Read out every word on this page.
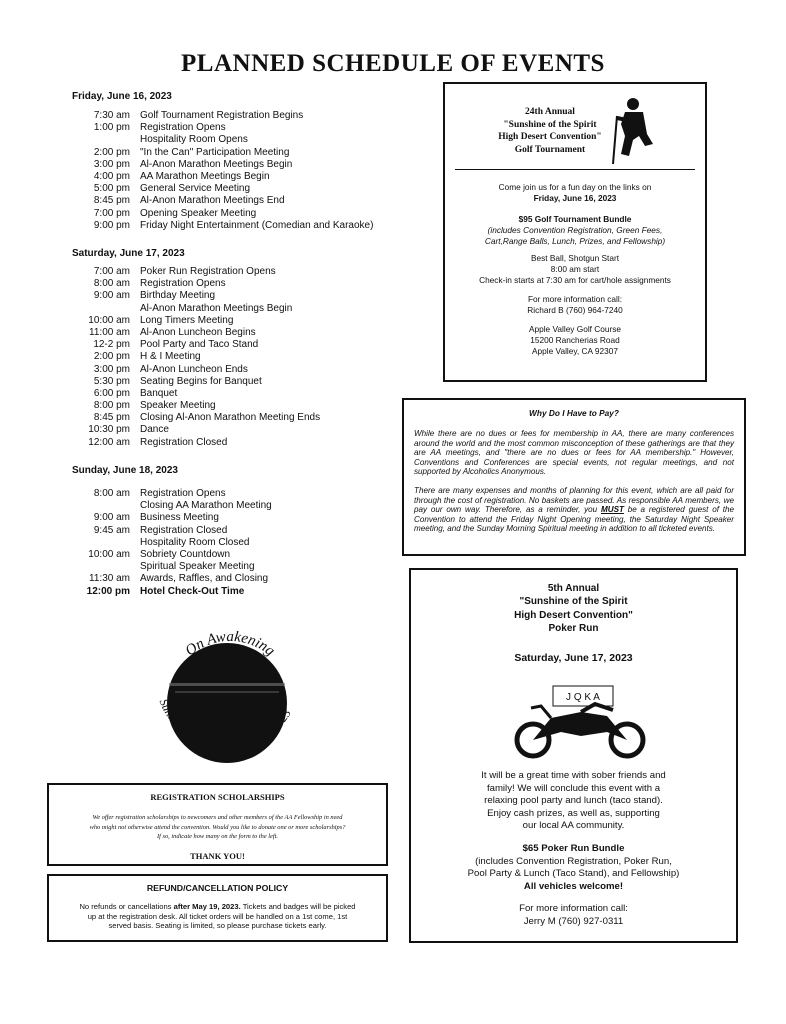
PLANNED SCHEDULE OF EVENTS
Friday, June 16, 2023
7:30 am	Golf Tournament Registration Begins
1:00 pm	Registration Opens
Hospitality Room Opens
2:00 pm	"In the Can" Participation Meeting
3:00 pm	Al-Anon Marathon Meetings Begin
4:00 pm	AA Marathon Meetings Begin
5:00 pm	General Service Meeting
8:45 pm	Al-Anon Marathon Meetings End
7:00 pm	Opening Speaker Meeting
9:00 pm	Friday Night Entertainment (Comedian and Karaoke)
Saturday, June 17, 2023
7:00 am	Poker Run Registration Opens
8:00 am	Registration Opens
9:00 am	Birthday Meeting
Al-Anon Marathon Meetings Begin
10:00 am	Long Timers Meeting
11:00 am	Al-Anon Luncheon Begins
12-2 pm	Pool Party and Taco Stand
2:00 pm	H & I Meeting
3:00 pm	Al-Anon Luncheon Ends
5:30 pm	Seating Begins for Banquet
6:00 pm	Banquet
8:00 pm	Speaker Meeting
8:45 pm	Closing Al-Anon Marathon Meeting Ends
10:30 pm	Dance
12:00 am	Registration Closed
Sunday, June 18, 2023
8:00 am	Registration Opens
Closing AA Marathon Meeting
9:00 am	Business Meeting
9:45 am	Registration Closed
Hospitality Room Closed
10:00 am	Sobriety Countdown
Spiritual Speaker Meeting
11:30 am	Awards, Raffles, and Closing
12:00 pm	Hotel Check-Out Time
On Awakening
Sunshine of the Spirit - HDC 2023
24th Annual
"Sunshine of the Spirit
High Desert Convention"
Golf Tournament
Come join us for a fun day on the links on
Friday, June 16, 2023
$95 Golf Tournament Bundle
(includes Convention Registration, Green Fees,
Cart,Range Balls, Lunch, Prizes, and Fellowship)
Best Ball, Shotgun Start
8:00 am start
Check-in starts at 7:30 am for cart/hole assignments
For more information call:
Richard B (760) 964-7240
Apple Valley Golf Course
15200 Rancherias Road
Apple Valley, CA 92307
Why Do I Have to Pay?

While there are no dues or fees for membership in AA, there are many conferences around the world and the most common misconception of these gatherings are that they are AA meetings, and "there are no dues or fees for AA membership." However, Conventions and Conferences are special events, not regular meetings, and not supported by Alcoholics Anonymous.

There are many expenses and months of planning for this event, which are all paid for through the cost of registration. No baskets are passed. As responsible AA members, we pay our own way. Therefore, as a reminder, you MUST be a registered guest of the Convention to attend the Friday Night Opening meeting, the Saturday Night Speaker meeting, and the Sunday Morning Spiritual meeting in addition to all ticketed events.

5th Annual
"Sunshine of the Spirit
High Desert Convention"
Poker Run
Saturday, June 17, 2023
J Q K A
It will be a great time with sober friends and
family! We will conclude this event with a
relaxing pool party and lunch (taco stand).
Enjoy cash prizes, as well as, supporting
our local AA community.
$65 Poker Run Bundle
(includes Convention Registration, Poker Run,
Pool Party & Lunch (Taco Stand), and Fellowship)
All vehicles welcome!
For more information call:
Jerry M (760) 927-0311
REGISTRATION SCHOLARSHIPS
We offer registration scholarships to newcomers and other members of the AA Fellowship in need
who might not otherwise attend the convention. Would you like to donate one or more scholarships?
If so, indicate how many on the form to the left.
THANK YOU!
REFUND/CANCELLATION POLICY
No refunds or cancellations after May 19, 2023. Tickets and badges will be picked
up at the registration desk. All ticket orders will be handled on a 1st come, 1st
served basis. Seating is limited, so please purchase tickets early.
